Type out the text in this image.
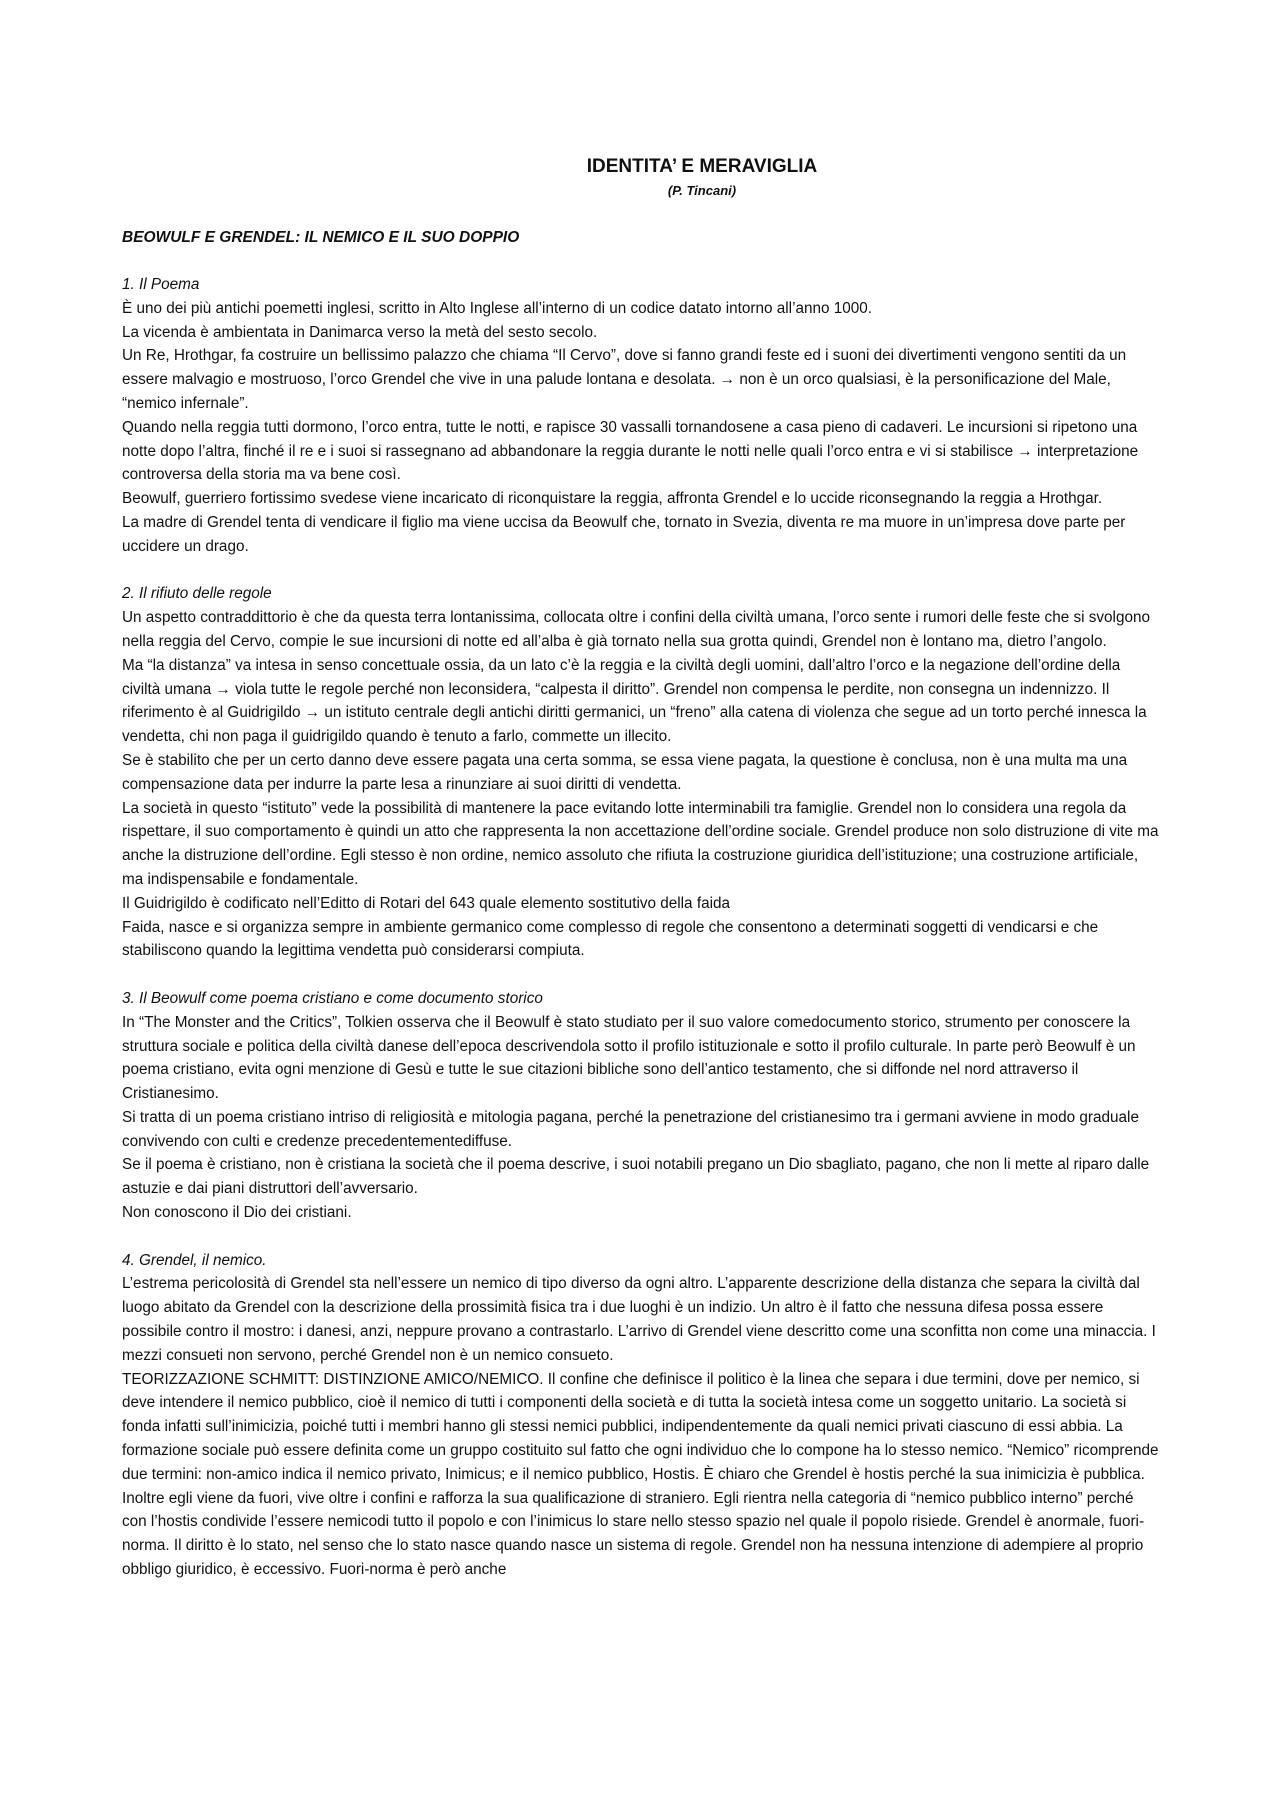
IDENTITA’ E MERAVIGLIA
(P. Tincani)
BEOWULF E GRENDEL: IL NEMICO E IL SUO DOPPIO
1. Il Poema

È uno dei più antichi poemetti inglesi, scritto in Alto Inglese all’interno di un codice datato intorno all’anno 1000.

La vicenda è ambientata in Danimarca verso la metà del sesto secolo.

Un Re, Hrothgar, fa costruire un bellissimo palazzo che chiama “Il Cervo”, dove si fanno grandi feste ed i suoni dei divertimenti vengono sentiti da un essere malvagio e mostruoso, l’orco Grendel che vive in una palude lontana e desolata. → non è un orco qualsiasi, è la personificazione del Male, “nemico infernale”.

Quando nella reggia tutti dormono, l’orco entra, tutte le notti, e rapisce 30 vassalli tornandosene a casa pieno di cadaveri. Le incursioni si ripetono una notte dopo l’altra, finché il re e i suoi si rassegnano ad abbandonare la reggia durante le notti nelle quali l’orco entra e vi si stabilisce → interpretazione controversa della storia ma va bene così.

Beowulf, guerriero fortissimo svedese viene incaricato di riconquistare la reggia, affronta Grendel e lo uccide riconsegnando la reggia a Hrothgar.

La madre di Grendel tenta di vendicare il figlio ma viene uccisa da Beowulf che, tornato in Svezia, diventa re ma muore in un’impresa dove parte per uccidere un drago.

2. Il rifiuto delle regole

Un aspetto contraddittorio è che da questa terra lontanissima, collocata oltre i confini della civiltà umana, l’orco sente i rumori delle feste che si svolgono nella reggia del Cervo, compie le sue incursioni di notte ed all’alba è già tornato nella sua grotta quindi, Grendel non è lontano ma, dietro l’angolo.

Ma “la distanza” va intesa in senso concettuale ossia, da un lato c’è la reggia e la civiltà degli uomini, dall’altro l’orco e la negazione dell’ordine della civiltà umana → viola tutte le regole perché non leconsidera, “calpesta il diritto”. Grendel non compensa le perdite, non consegna un indennizzo. Il riferimento è al Guidrigildo → un istituto centrale degli antichi diritti germanici, un “freno” alla catena di violenza che segue ad un torto perché innesca la vendetta, chi non paga il guidrigildo quando è tenuto a farlo, commette un illecito.

Se è stabilito che per un certo danno deve essere pagata una certa somma, se essa viene pagata, la questione è conclusa, non è una multa ma una compensazione data per indurre la parte lesa a rinunziare ai suoi diritti di vendetta.

La società in questo “istituto” vede la possibilità di mantenere la pace evitando lotte interminabili tra famiglie. Grendel non lo considera una regola da rispettare, il suo comportamento è quindi un atto che rappresenta la non accettazione dell’ordine sociale. Grendel produce non solo distruzione di vite ma anche la distruzione dell’ordine. Egli stesso è non ordine, nemico assoluto che rifiuta la costruzione giuridica dell’istituzione; una costruzione artificiale, ma indispensabile e fondamentale.

Il Guidrigildo è codificato nell’Editto di Rotari del 643 quale elemento sostitutivo della faida

Faida, nasce e si organizza sempre in ambiente germanico come complesso di regole che consentono a determinati soggetti di vendicarsi e che stabiliscono quando la legittima vendetta può considerarsi compiuta.

3. Il Beowulf come poema cristiano e come documento storico

In “The Monster and the Critics”, Tolkien osserva che il Beowulf è stato studiato per il suo valore comedocumento storico, strumento per conoscere la struttura sociale e politica della civiltà danese dell’epoca descrivendola sotto il profilo istituzionale e sotto il profilo culturale. In parte però Beowulf è un poema cristiano, evita ogni menzione di Gesù e tutte le sue citazioni bibliche sono dell’antico testamento, che si diffonde nel nord attraverso il Cristianesimo.

Si tratta di un poema cristiano intriso di religiosità e mitologia pagana, perché la penetrazione del cristianesimo tra i germani avviene in modo graduale convivendo con culti e credenze precedentementediffuse.

Se il poema è cristiano, non è cristiana la società che il poema descrive, i suoi notabili pregano un Dio sbagliato, pagano, che non li mette al riparo dalle astuzie e dai piani distruttori dell’avversario.

Non conoscono il Dio dei cristiani.

4. Grendel, il nemico.

L’estrema pericolosità di Grendel sta nell’essere un nemico di tipo diverso da ogni altro. L’apparente descrizione della distanza che separa la civiltà dal luogo abitato da Grendel con la descrizione della prossimità fisica tra i due luoghi è un indizio. Un altro è il fatto che nessuna difesa possa essere possibile contro il mostro: i danesi, anzi, neppure provano a contrastarlo. L’arrivo di Grendel viene descritto come una sconfitta non come una minaccia. I mezzi consueti non servono, perché Grendel non è un nemico consueto.

TEORIZZAZIONE SCHMITT: DISTINZIONE AMICO/NEMICO. Il confine che definisce il politico è la linea che separa i due termini, dove per nemico, si deve intendere il nemico pubblico, cioè il nemico di tutti i componenti della società e di tutta la società intesa come un soggetto unitario. La società si fonda infatti sull’inimicizia, poiché tutti i membri hanno gli stessi nemici pubblici, indipendentemente da quali nemici privati ciascuno di essi abbia. La formazione sociale può essere definita come un gruppo costituito sul fatto che ogni individuo che lo compone ha lo stesso nemico. “Nemico” ricomprende due termini: non-amico indica il nemico privato, Inimicus; e il nemico pubblico, Hostis. È chiaro che Grendel è hostis perché la sua inimicizia è pubblica. Inoltre egli viene da fuori, vive oltre i confini e rafforza la sua qualificazione di straniero. Egli rientra nella categoria di “nemico pubblico interno” perché con l’hostis condivide l’essere nemicodi tutto il popolo e con l’inimicus lo stare nello stesso spazio nel quale il popolo risiede. Grendel è anormale, fuori-norma. Il diritto è lo stato, nel senso che lo stato nasce quando nasce un sistema di regole. Grendel non ha nessuna intenzione di adempiere al proprio obbligo giuridico, è eccessivo. Fuori-norma è però anche
